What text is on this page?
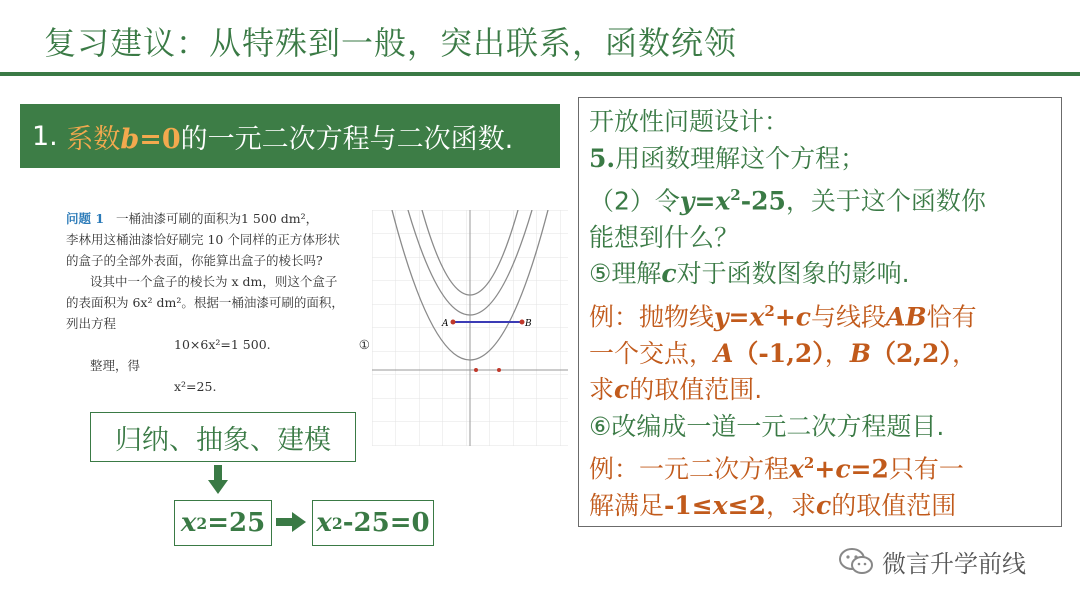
复习建议：从特殊到一般，突出联系，函数统领
1. 系数b=0 的一元二次方程与二次函数.
问题 1 一桶油漆可刷的面积为1 500 dm²，
李林用这桶油漆恰好刷完 10 个同样的正方体形状
的盒子的全部外表面，你能算出盒子的棱长吗?
设其中一个盒子的棱长为 x dm，则这个盒子
的表面积为 6x² dm²。根据一桶油漆可刷的面积，
列出方程
10×6x²=1 500.	①
整理，得
x²=25.
A	B
归纳、抽象、建模
x 2 =25 x 2 -25=0
开放性问题设计：
5.用函数理解这个方程；
（2）令$y=x^2-25$，关于这个函数你
能想到什么？
⑤理解c对于函数图象的影响.
例：抛物线$y=x^2+c$与线段AB恰有
一个交点，A（-1,2），B（2,2），
求c的取值范围.
⑥改编成一道一元二次方程题目.
例：一元二次方程$x^2+c=2$只有一
解满足-1≤x≤2，求c的取值范围
微言升学前线
